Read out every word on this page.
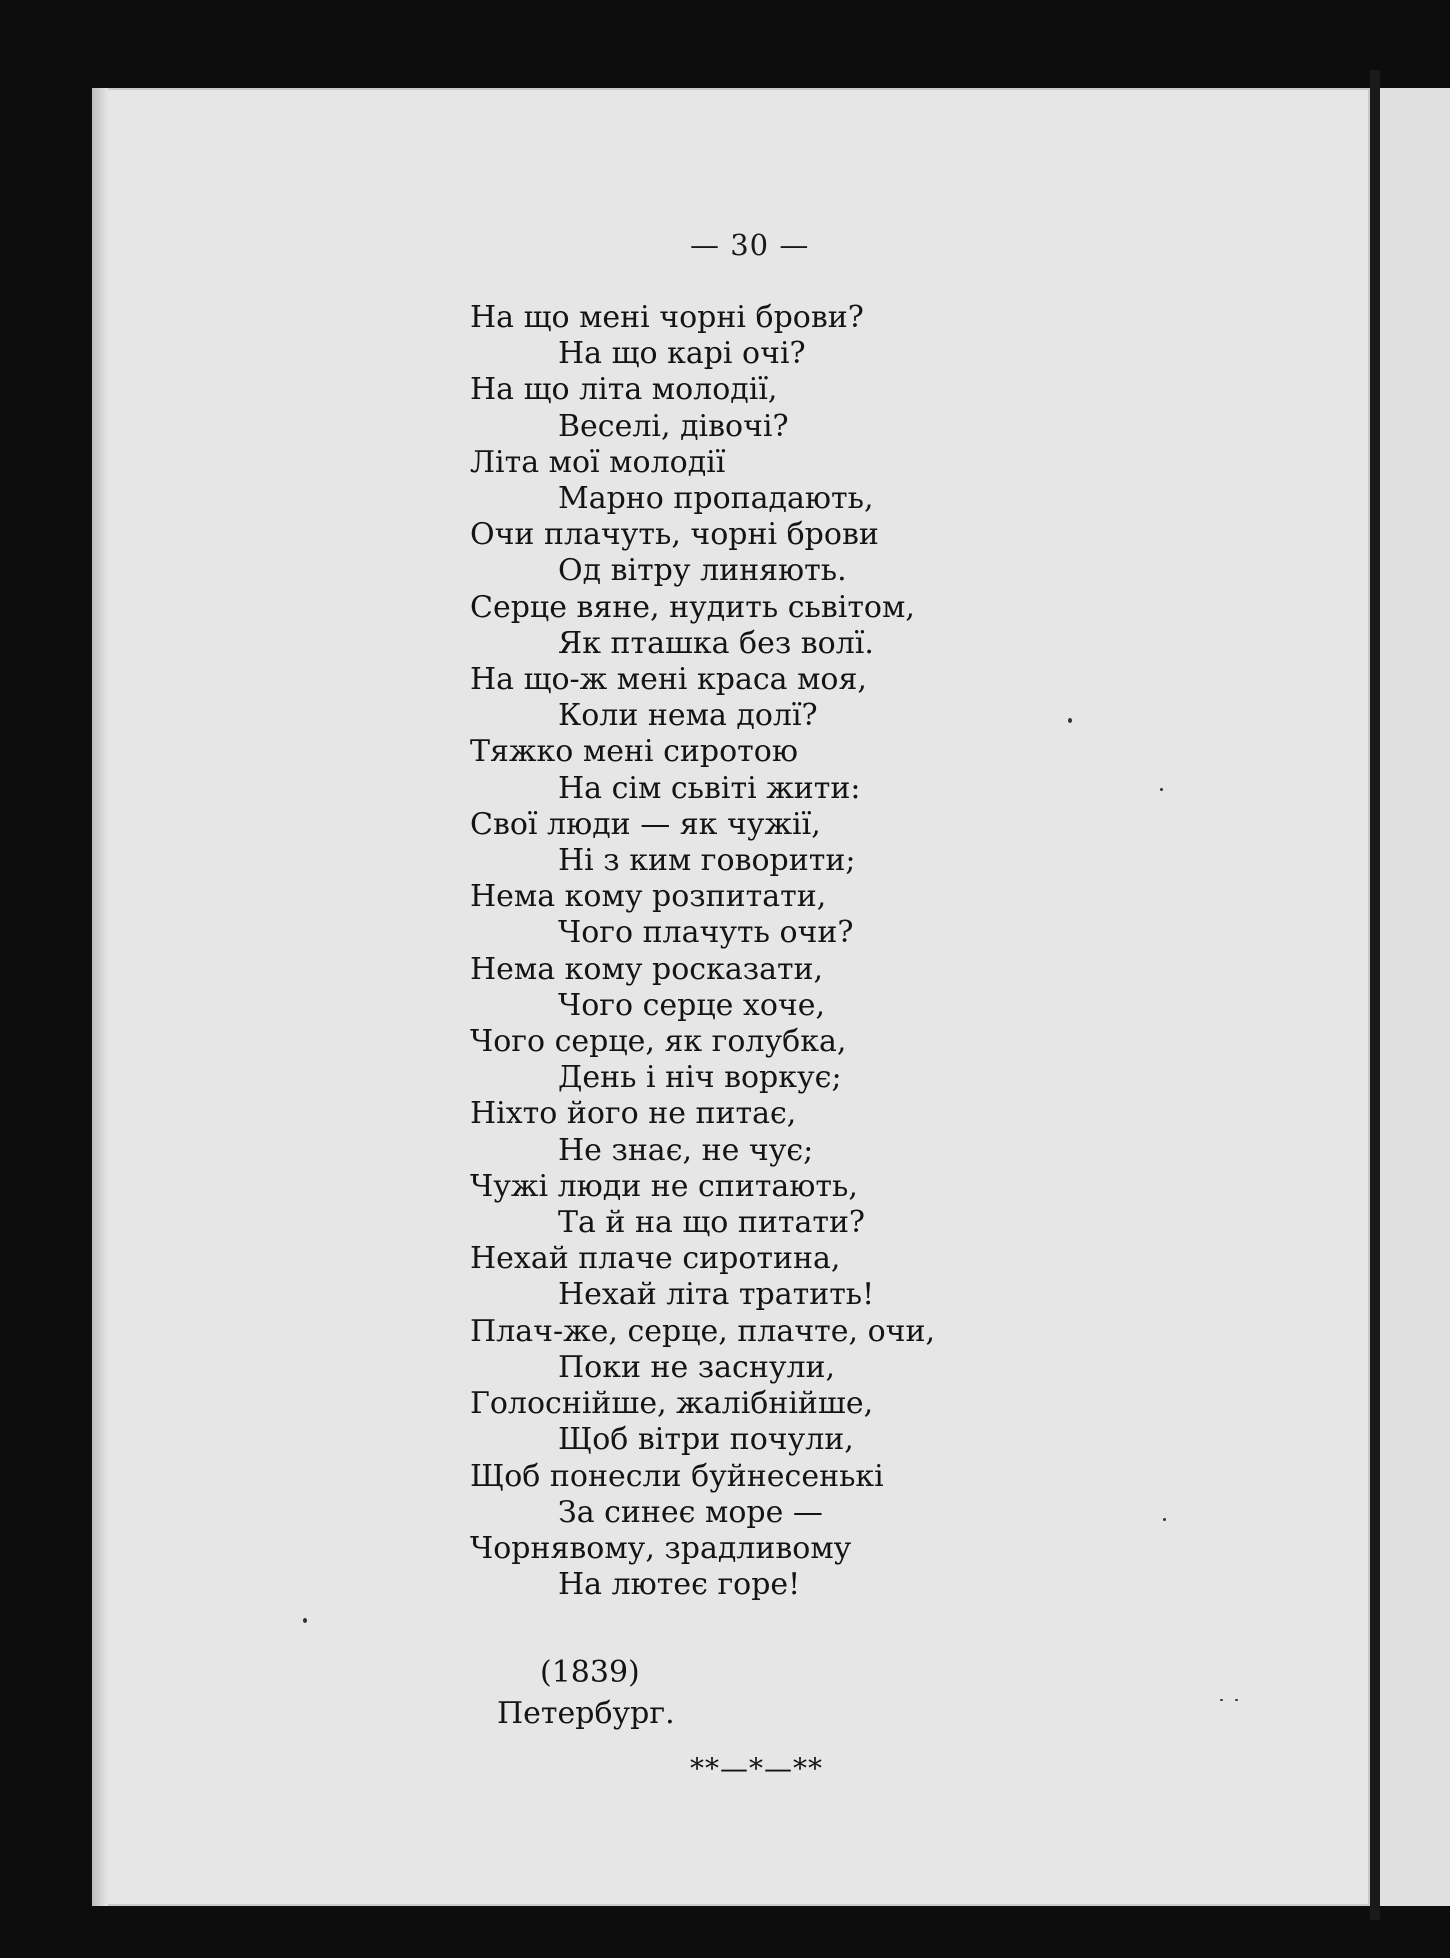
— 30 —
На що мені чорні брови?
На що карі очі?
На що літа молодії,
Веселі, дівочі?
Літа мої молодії
Марно пропадають,
Очи плачуть, чорні брови
Од вітру линяють.
Серце вяне, нудить сьвітом,
Як пташка без волї.
На що-ж мені краса моя,
Коли нема долї?
Тяжко мені сиротою
На сім сьвіті жити:
Свої люди — як чужії,
Ні з ким говорити;
Нема кому розпитати,
Чого плачуть очи?
Нема кому росказати,
Чого серце хоче,
Чого серце, як голубка,
День і ніч воркує;
Ніхто його не питає,
Не знає, не чує;
Чужі люди не спитають,
Та й на що питати?
Нехай плаче сиротина,
Нехай літа тратить!
Плач-же, серце, плачте, очи,
Поки не заснули,
Голоснійше, жалібнійше,
Щоб вітри почули,
Щоб понесли буйнесенькі
За синеє море —
Чорнявому, зрадливому
На лютеє горе!
(1839)
Петербург.
**—*—**
